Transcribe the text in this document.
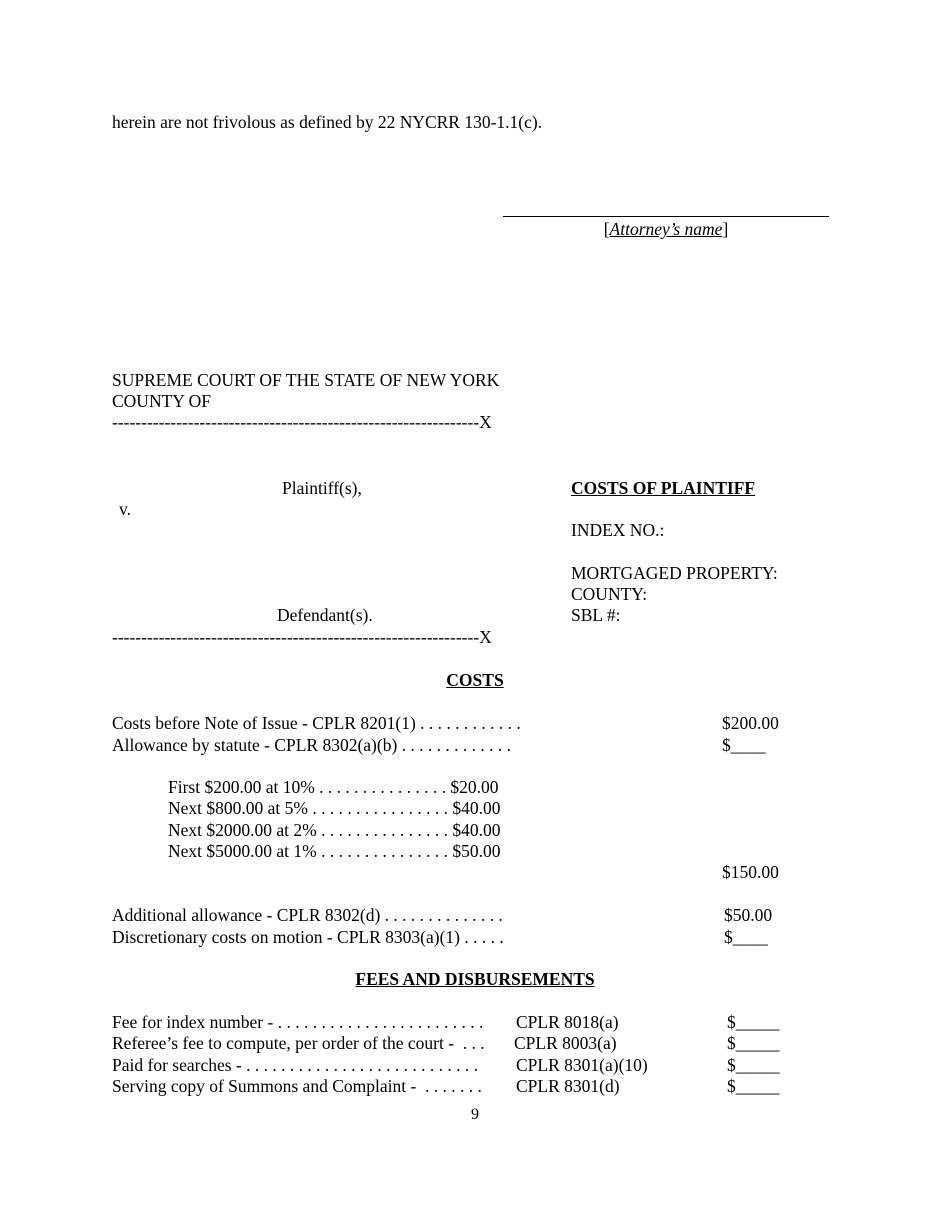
herein are not frivolous as defined by 22 NYCRR 130-1.1(c).
[Attorney’s name]
SUPREME COURT OF THE STATE OF NEW YORK
COUNTY OF
---------------------------------------------------------------X
Plaintiff(s),
v.
Defendant(s).
---------------------------------------------------------------X
COSTS OF PLAINTIFF
INDEX NO.:
MORTGAGED PROPERTY:
COUNTY:
SBL #:
COSTS
Costs before Note of Issue - CPLR 8201(1) . . . . . . . . . . . .	$200.00
Allowance by statute - CPLR 8302(a)(b) . . . . . . . . . . . . .	$____
First $200.00 at 10% . . . . . . . . . . . . . . . $20.00
Next $800.00 at 5% . . . . . . . . . . . . . . . . $40.00
Next $2000.00 at 2% . . . . . . . . . . . . . . . $40.00
Next $5000.00 at 1% . . . . . . . . . . . . . . . $50.00
$150.00
Additional allowance - CPLR 8302(d) . . . . . . . . . . . . . .	$50.00
Discretionary costs on motion - CPLR 8303(a)(1) . . . . .	$____
FEES AND DISBURSEMENTS
Fee for index number - . . . . . . . . . . . . . . . . . . . . . . . . CPLR 8018(a)	$_____
Referee’s fee to compute, per order of the court -  . . . CPLR 8003(a)	$_____
Paid for searches - . . . . . . . . . . . . . . . . . . . . . . . . . . . CPLR 8301(a)(10)	$_____
Serving copy of Summons and Complaint -  . . . . . . . CPLR 8301(d)	$_____
9
